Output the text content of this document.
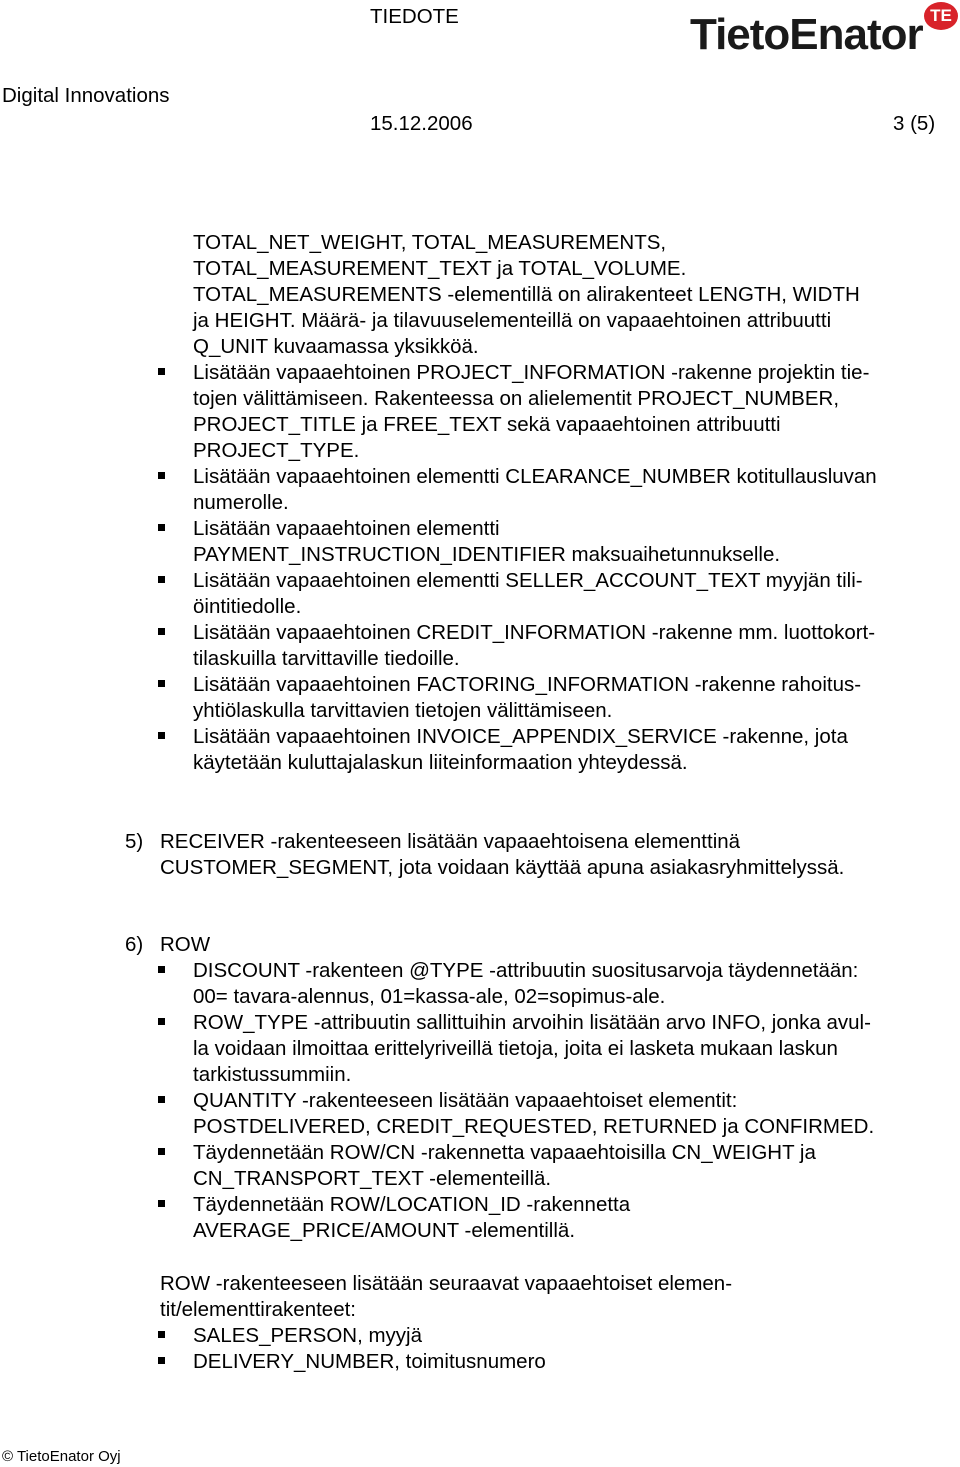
TIEDOTE	TietoEnator TE
Digital Innovations
15.12.2006	3 (5)
TOTAL_NET_WEIGHT, TOTAL_MEASUREMENTS,
TOTAL_MEASUREMENT_TEXT ja TOTAL_VOLUME.
TOTAL_MEASUREMENTS -elementillä on alirakenteet LENGTH, WIDTH
ja HEIGHT. Määrä- ja tilavuuselementeillä on vapaaehtoinen attribuutti
Q_UNIT kuvaamassa yksikköä.
Lisätään vapaaehtoinen PROJECT_INFORMATION -rakenne projektin tie-
tojen välittämiseen. Rakenteessa on alielementit PROJECT_NUMBER,
PROJECT_TITLE ja FREE_TEXT sekä vapaaehtoinen attribuutti
PROJECT_TYPE.
Lisätään vapaaehtoinen elementti CLEARANCE_NUMBER kotitullausluvan
numerolle.
Lisätään vapaaehtoinen elementti
PAYMENT_INSTRUCTION_IDENTIFIER maksuaihetunnukselle.
Lisätään vapaaehtoinen elementti SELLER_ACCOUNT_TEXT myyjän tili-
öintitiedolle.
Lisätään vapaaehtoinen CREDIT_INFORMATION -rakenne mm. luottokort-
tilaskuilla tarvittaville tiedoille.
Lisätään vapaaehtoinen FACTORING_INFORMATION -rakenne rahoitus-
yhtiölaskulla tarvittavien tietojen välittämiseen.
Lisätään vapaaehtoinen INVOICE_APPENDIX_SERVICE -rakenne, jota
käytetään kuluttajalaskun liiteinformaation yhteydessä.
5) RECEIVER -rakenteeseen lisätään vapaaehtoisena elementtinä
CUSTOMER_SEGMENT, jota voidaan käyttää apuna asiakasryhmittelyssä.
6) ROW
DISCOUNT -rakenteen @TYPE -attribuutin suositusarvoja täydennetään:
00= tavara-alennus, 01=kassa-ale, 02=sopimus-ale.
ROW_TYPE -attribuutin sallittuihin arvoihin lisätään arvo INFO, jonka avul-
la voidaan ilmoittaa erittelyriveillä tietoja, joita ei lasketa mukaan laskun
tarkistussummiin.
QUANTITY -rakenteeseen lisätään vapaaehtoiset elementit:
POSTDELIVERED, CREDIT_REQUESTED, RETURNED ja CONFIRMED.
Täydennetään ROW/CN -rakennetta vapaaehtoisilla CN_WEIGHT ja
CN_TRANSPORT_TEXT -elementeillä.
Täydennetään ROW/LOCATION_ID -rakennetta
AVERAGE_PRICE/AMOUNT -elementillä.
ROW -rakenteeseen lisätään seuraavat vapaaehtoiset elemen-
tit/elementtirakenteet:
SALES_PERSON, myyjä
DELIVERY_NUMBER, toimitusnumero
© TietoEnator Oyj
